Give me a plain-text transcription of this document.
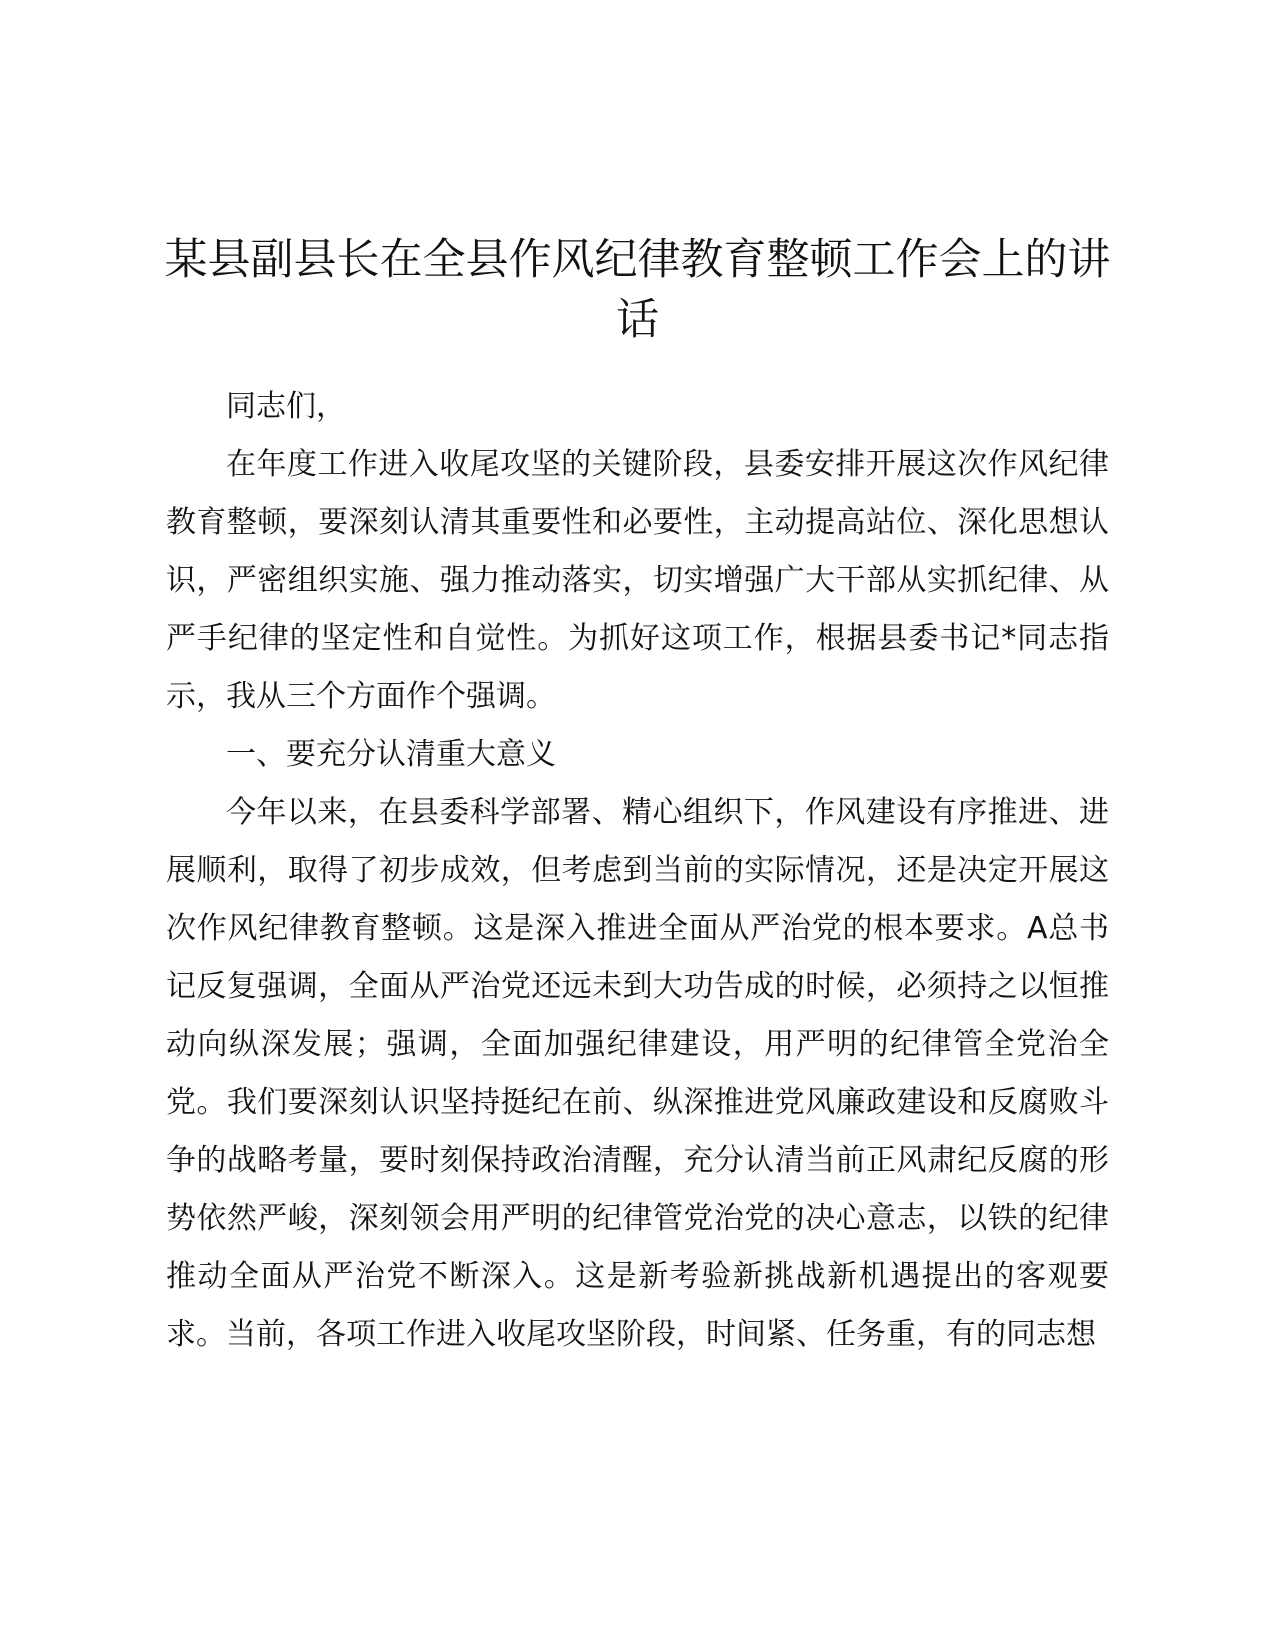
某县副县长在全县作风纪律教育整顿工作会上的讲话

同志们，

在年度工作进入收尾攻坚的关键阶段，县委安排开展这次作风纪律教育整顿，要深刻认清其重要性和必要性，主动提高站位、深化思想认识，严密组织实施、强力推动落实，切实增强广大干部从实抓纪律、从严手纪律的坚定性和自觉性。为抓好这项工作，根据县委书记*同志指示，我从三个方面作个强调。

一、要充分认清重大意义

今年以来，在县委科学部署、精心组织下，作风建设有序推进、进展顺利，取得了初步成效，但考虑到当前的实际情况，还是决定开展这次作风纪律教育整顿。这是深入推进全面从严治党的根本要求。A总书记反复强调，全面从严治党还远未到大功告成的时候，必须持之以恒推动向纵深发展；强调，全面加强纪律建设，用严明的纪律管全党治全党。我们要深刻认识坚持挺纪在前、纵深推进党风廉政建设和反腐败斗争的战略考量，要时刻保持政治清醒，充分认清当前正风肃纪反腐的形势依然严峻，深刻领会用严明的纪律管党治党的决心意志，以铁的纪律推动全面从严治党不断深入。这是新考验新挑战新机遇提出的客观要求。当前，各项工作进入收尾攻坚阶段，时间紧、任务重，有的同志想
